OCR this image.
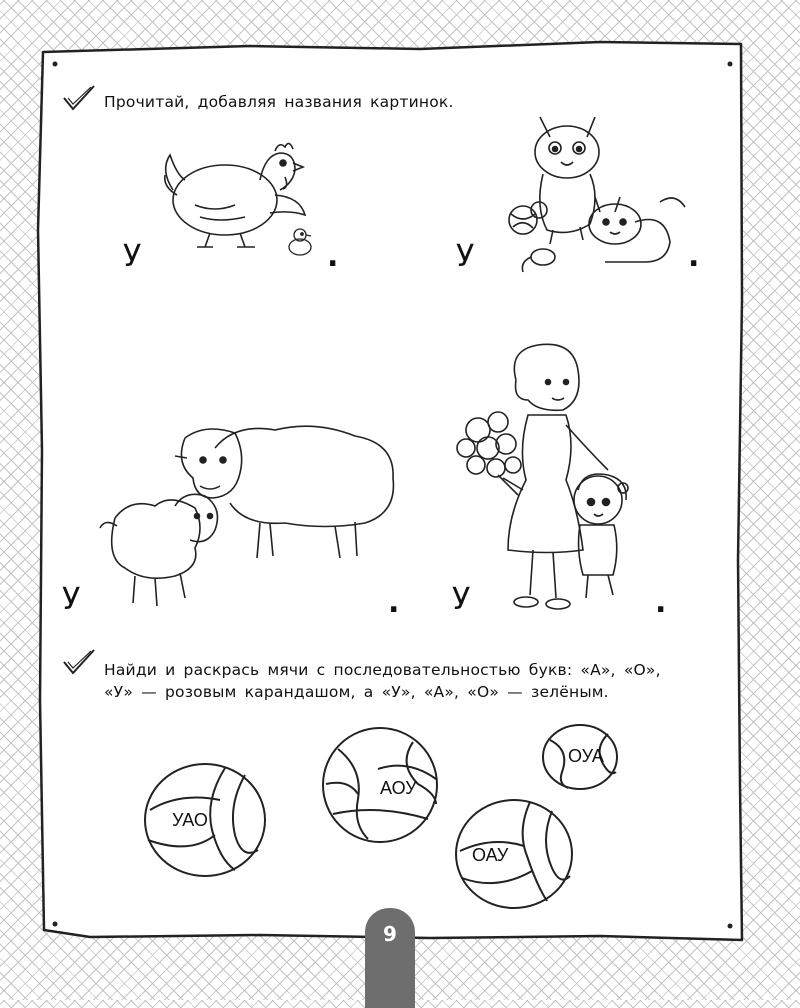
Прочитай, добавляя названия картинок.
У	.	У	.
У	. У	.
Найди и раскрась мячи с последовательностью букв: «А», «О»,
«У» — розовым карандашом, а «У», «А», «О» — зелёным.
УАО
АОУ
ОУА
ОАУ
9
